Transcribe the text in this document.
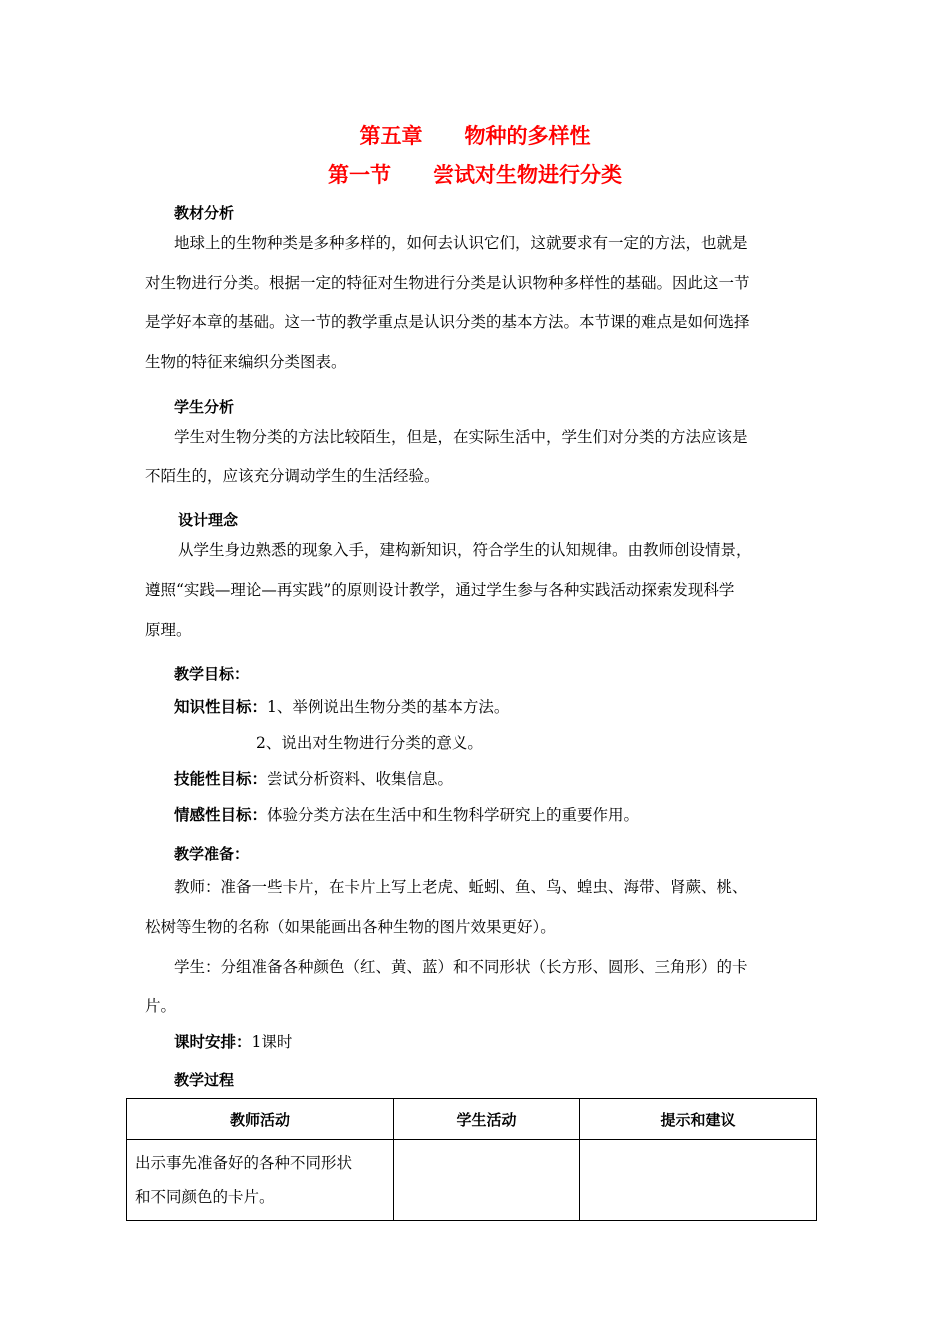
第五章　　物种的多样性
第一节　　尝试对生物进行分类
教材分析
地球上的生物种类是多种多样的，如何去认识它们，这就要求有一定的方法，也就是
对生物进行分类。根据一定的特征对生物进行分类是认识物种多样性的基础。因此这一节
是学好本章的基础。这一节的教学重点是认识分类的基本方法。本节课的难点是如何选择
生物的特征来编织分类图表。
学生分析
学生对生物分类的方法比较陌生，但是，在实际生活中，学生们对分类的方法应该是
不陌生的，应该充分调动学生的生活经验。
设计理念
从学生身边熟悉的现象入手，建构新知识，符合学生的认知规律。由教师创设情景，
遵照“实践—理论—再实践”的原则设计教学，通过学生参与各种实践活动探索发现科学
原理。
教学目标：
知识性目标：1、举例说出生物分类的基本方法。
2、说出对生物进行分类的意义。
技能性目标：尝试分析资料、收集信息。
情感性目标：体验分类方法在生活中和生物科学研究上的重要作用。
教学准备：
教师：准备一些卡片，在卡片上写上老虎、蚯蚓、鱼、鸟、蝗虫、海带、肾蕨、桃、
松树等生物的名称（如果能画出各种生物的图片效果更好）。
学生：分组准备各种颜色（红、黄、蓝）和不同形状（长方形、圆形、三角形）的卡
片。
课时安排：1课时
教学过程
教师活动	学生活动	提示和建议

出示事先准备好的各种不同形状
和不同颜色的卡片。		
